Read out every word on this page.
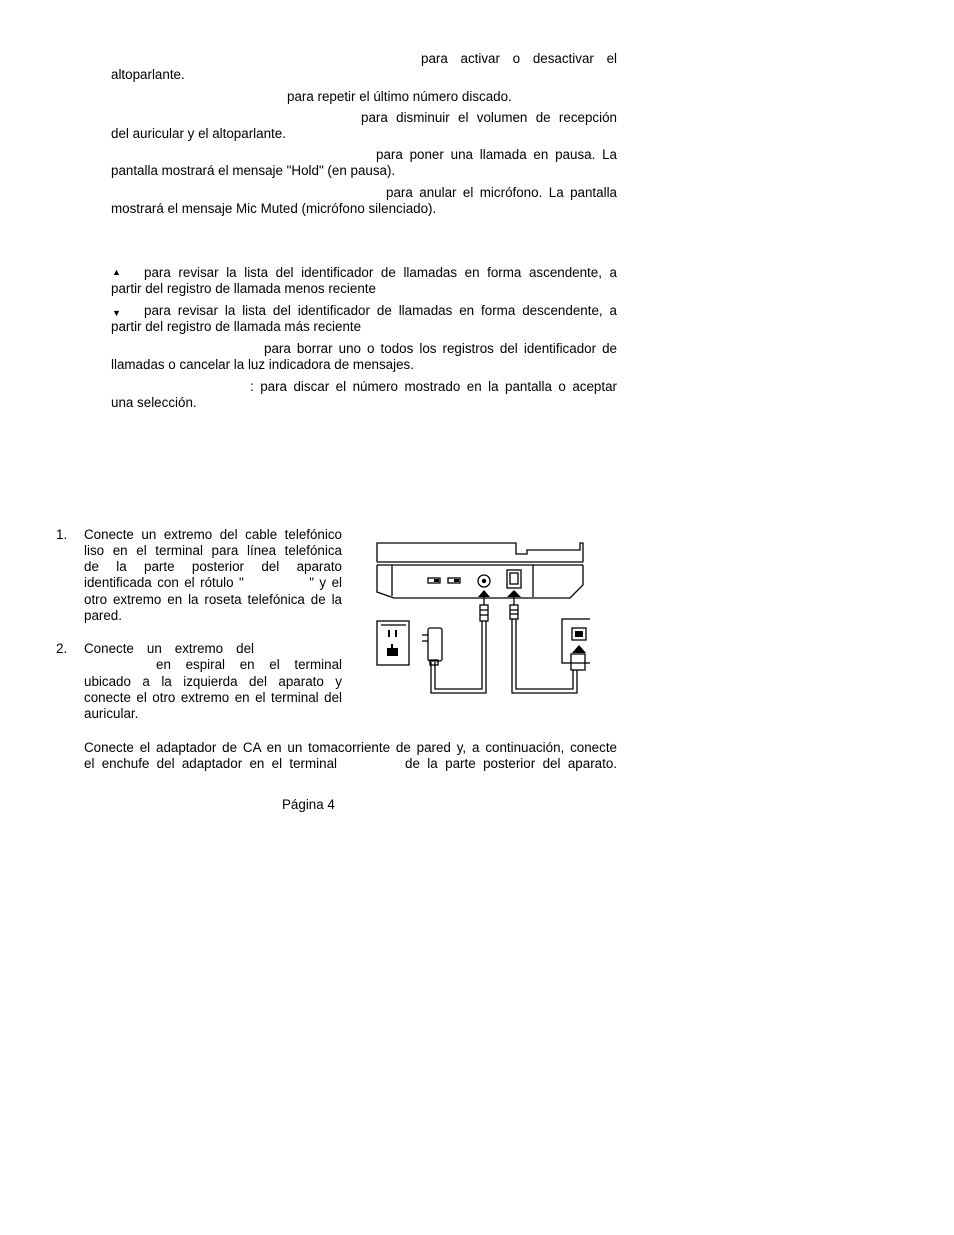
para activar o desactivar el

altoparlante.

para repetir el último número discado.

para disminuir el volumen de recepción

del auricular y el altoparlante.

para poner una llamada en pausa. La

pantalla mostrará el mensaje "Hold" (en pausa).

para anular el micrófono. La pantalla

mostrará el mensaje Mic Muted (micrófono silenciado).

▲ para revisar la lista del identificador de llamadas en forma ascendente, a

partir del registro de llamada menos reciente

▼ para revisar la lista del identificador de llamadas en forma descendente, a

partir del registro de llamada más reciente

para borrar uno o todos los registros del identificador de

llamadas o cancelar la luz indicadora de mensajes.

: para discar el número mostrado en la pantalla o aceptar

una selección.

1. Conecte un extremo del cable telefónico

liso en el terminal para línea telefónica

de la parte posterior del aparato

identificada con el rótulo "            " y el

otro extremo en la roseta telefónica de la

pared.

2. Conecte un extremo del

en espiral en el terminal

ubicado a la izquierda del aparato y

conecte el otro extremo en el terminal del

auricular.

Conecte el adaptador de CA en un tomacorriente de pared y, a continuación, conecte

el enchufe del adaptador en el terminal	de la parte posterior del aparato.

Página 4
